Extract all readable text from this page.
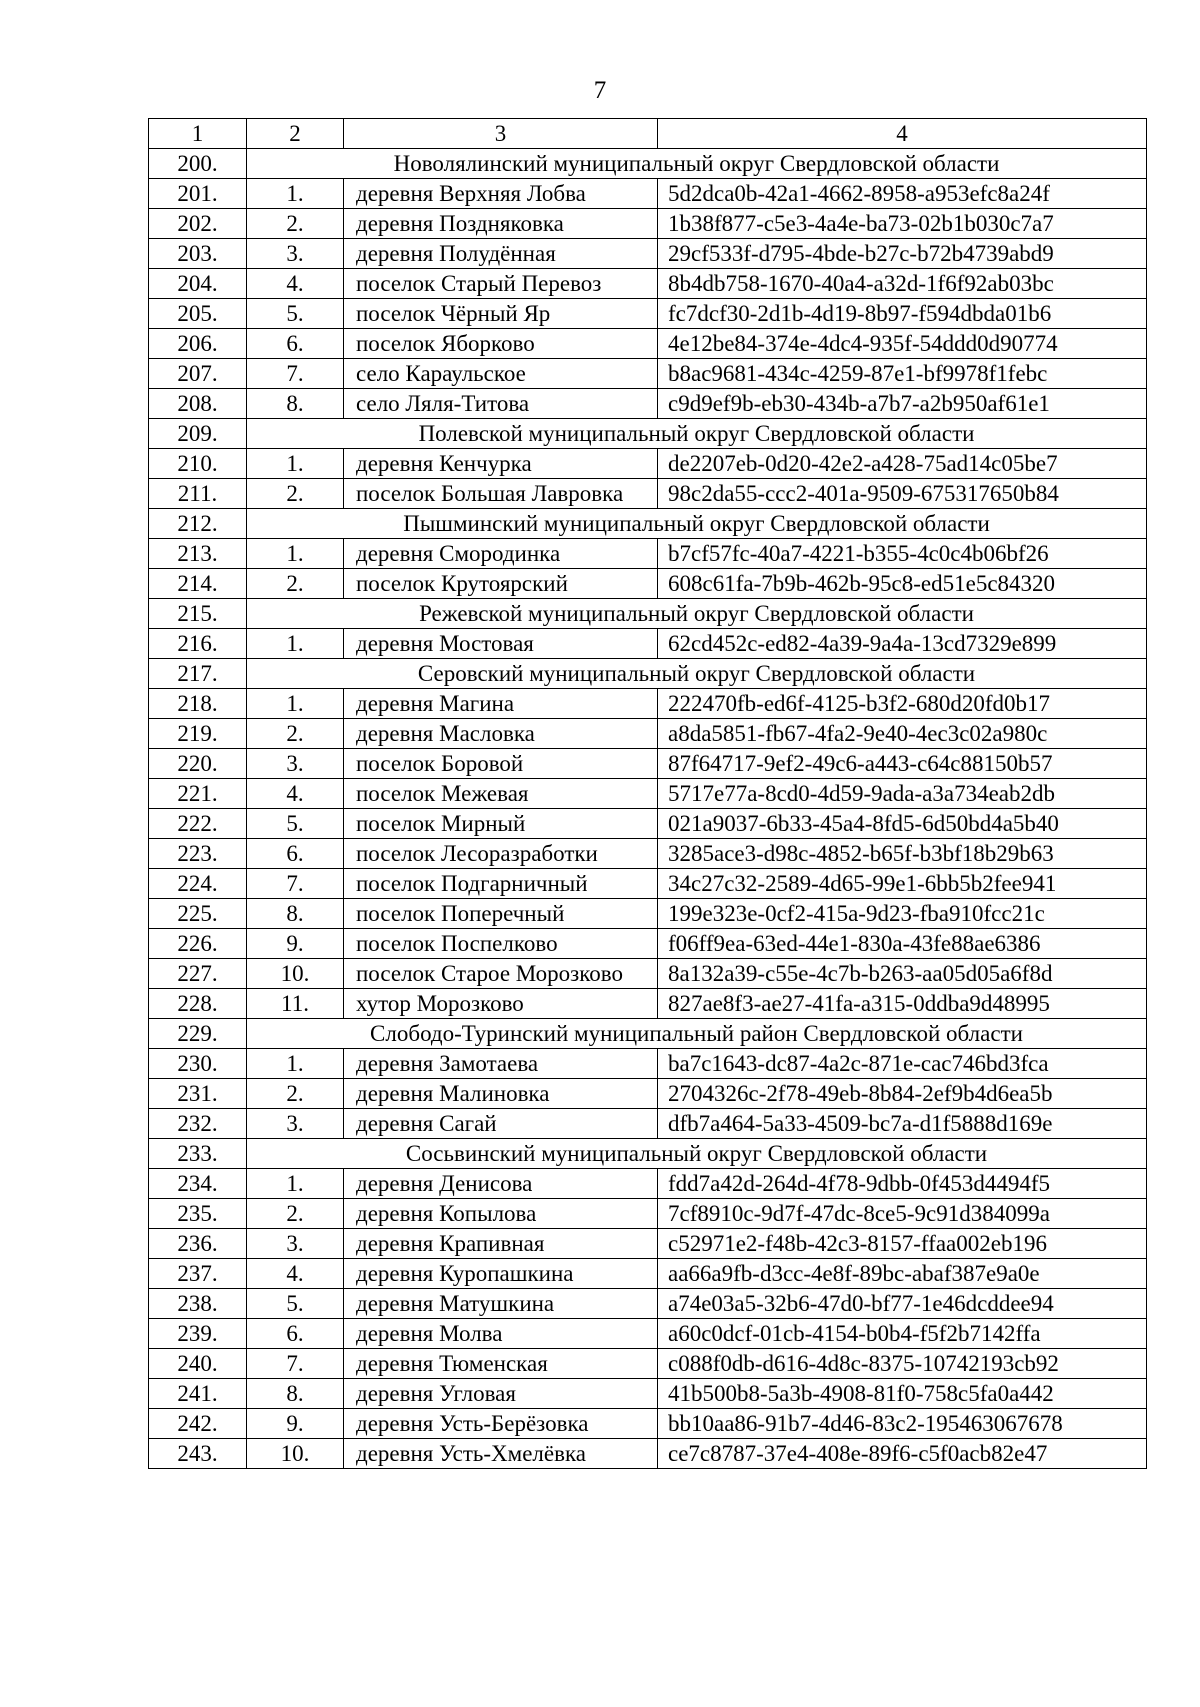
7
1	2	3	4
200.	Новолялинский муниципальный округ Свердловской области		
201.	1.	деревня Верхняя Лобва	5d2dca0b-42a1-4662-8958-a953efc8a24f
202.	2.	деревня Поздняковка	1b38f877-c5e3-4a4e-ba73-02b1b030c7a7
203.	3.	деревня Полудённая	29cf533f-d795-4bde-b27c-b72b4739abd9
204.	4.	поселок Старый Перевоз	8b4db758-1670-40a4-a32d-1f6f92ab03bc
205.	5.	поселок Чёрный Яр	fc7dcf30-2d1b-4d19-8b97-f594dbda01b6
206.	6.	поселок Яборково	4e12be84-374e-4dc4-935f-54ddd0d90774
207.	7.	село Караульское	b8ac9681-434c-4259-87e1-bf9978f1febc
208.	8.	село Ляля-Титова	c9d9ef9b-eb30-434b-a7b7-a2b950af61e1
209.	Полевской муниципальный округ Свердловской области		
210.	1.	деревня Кенчурка	de2207eb-0d20-42e2-a428-75ad14c05be7
211.	2.	поселок Большая Лавровка	98c2da55-ccc2-401a-9509-675317650b84
212.	Пышминский муниципальный округ Свердловской области		
213.	1.	деревня Смородинка	b7cf57fc-40a7-4221-b355-4c0c4b06bf26
214.	2.	поселок Крутоярский	608c61fa-7b9b-462b-95c8-ed51e5c84320
215.	Режевской муниципальный округ Свердловской области		
216.	1.	деревня Мостовая	62cd452c-ed82-4a39-9a4a-13cd7329e899
217.	Серовский муниципальный округ Свердловской области		
218.	1.	деревня Магина	222470fb-ed6f-4125-b3f2-680d20fd0b17
219.	2.	деревня Масловка	a8da5851-fb67-4fa2-9e40-4ec3c02a980c
220.	3.	поселок Боровой	87f64717-9ef2-49c6-a443-c64c88150b57
221.	4.	поселок Межевая	5717e77a-8cd0-4d59-9ada-a3a734eab2db
222.	5.	поселок Мирный	021a9037-6b33-45a4-8fd5-6d50bd4a5b40
223.	6.	поселок Лесоразработки	3285ace3-d98c-4852-b65f-b3bf18b29b63
224.	7.	поселок Подгарничный	34c27c32-2589-4d65-99e1-6bb5b2fee941
225.	8.	поселок Поперечный	199e323e-0cf2-415a-9d23-fba910fcc21c
226.	9.	поселок Поспелково	f06ff9ea-63ed-44e1-830a-43fe88ae6386
227.	10.	поселок Старое Морозково	8a132a39-c55e-4c7b-b263-aa05d05a6f8d
228.	11.	хутор Морозково	827ae8f3-ae27-41fa-a315-0ddba9d48995
229.	Слободо-Туринский муниципальный район Свердловской области		
230.	1.	деревня Замотаева	ba7c1643-dc87-4a2c-871e-cac746bd3fca
231.	2.	деревня Малиновка	2704326c-2f78-49eb-8b84-2ef9b4d6ea5b
232.	3.	деревня Сагай	dfb7a464-5a33-4509-bc7a-d1f5888d169e
233.	Сосьвинский муниципальный округ Свердловской области		
234.	1.	деревня Денисова	fdd7a42d-264d-4f78-9dbb-0f453d4494f5
235.	2.	деревня Копылова	7cf8910c-9d7f-47dc-8ce5-9c91d384099a
236.	3.	деревня Крапивная	c52971e2-f48b-42c3-8157-ffaa002eb196
237.	4.	деревня Куропашкина	aa66a9fb-d3cc-4e8f-89bc-abaf387e9a0e
238.	5.	деревня Матушкина	a74e03a5-32b6-47d0-bf77-1e46dcddee94
239.	6.	деревня Молва	a60c0dcf-01cb-4154-b0b4-f5f2b7142ffa
240.	7.	деревня Тюменская	c088f0db-d616-4d8c-8375-10742193cb92
241.	8.	деревня Угловая	41b500b8-5a3b-4908-81f0-758c5fa0a442
242.	9.	деревня Усть-Берёзовка	bb10aa86-91b7-4d46-83c2-195463067678
243.	10.	деревня Усть-Хмелёвка	ce7c8787-37e4-408e-89f6-c5f0acb82e47
